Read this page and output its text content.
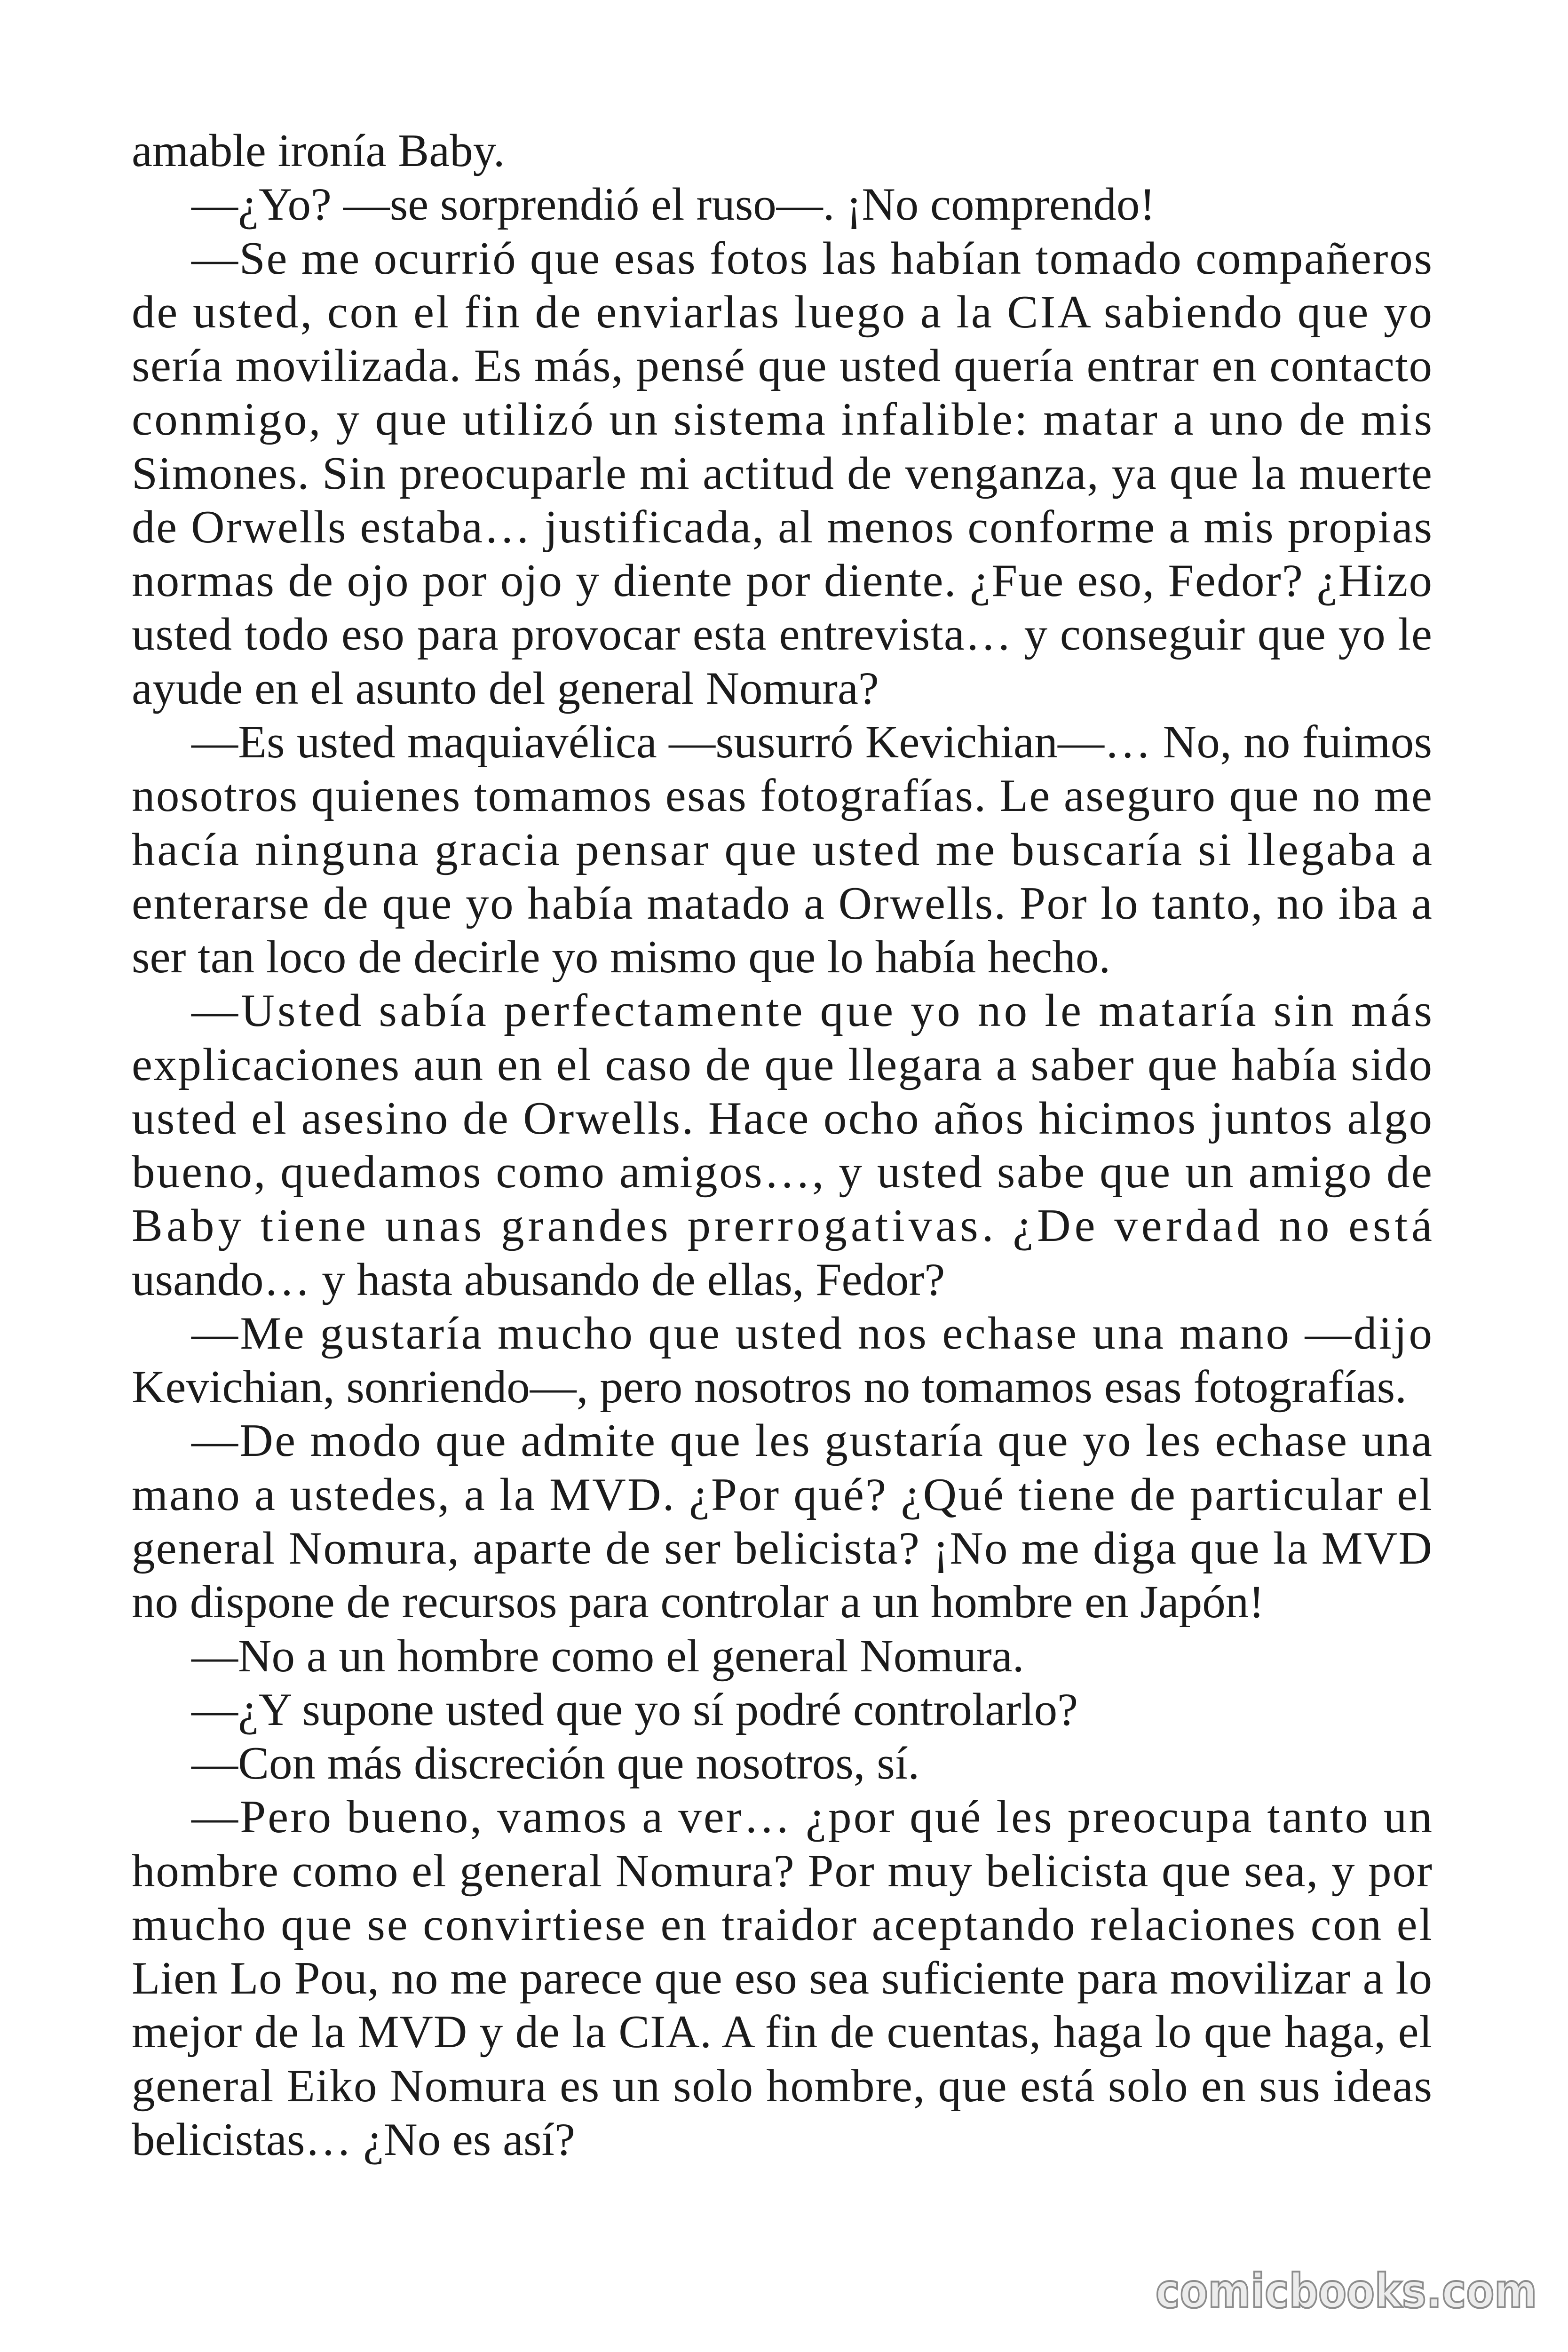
amable ironía Baby.
—¿Yo? —se sorprendió el ruso—. ¡No comprendo!
—Se me ocurrió que esas fotos las habían tomado compañeros
de usted, con el fin de enviarlas luego a la CIA sabiendo que yo
sería movilizada. Es más, pensé que usted quería entrar en contacto
conmigo, y que utilizó un sistema infalible: matar a uno de mis
Simones. Sin preocuparle mi actitud de venganza, ya que la muerte
de Orwells estaba… justificada, al menos conforme a mis propias
normas de ojo por ojo y diente por diente. ¿Fue eso, Fedor? ¿Hizo
usted todo eso para provocar esta entrevista… y conseguir que yo le
ayude en el asunto del general Nomura?
—Es usted maquiavélica —susurró Kevichian—… No, no fuimos
nosotros quienes tomamos esas fotografías. Le aseguro que no me
hacía ninguna gracia pensar que usted me buscaría si llegaba a
enterarse de que yo había matado a Orwells. Por lo tanto, no iba a
ser tan loco de decirle yo mismo que lo había hecho.
—Usted sabía perfectamente que yo no le mataría sin más
explicaciones aun en el caso de que llegara a saber que había sido
usted el asesino de Orwells. Hace ocho años hicimos juntos algo
bueno, quedamos como amigos…, y usted sabe que un amigo de
Baby tiene unas grandes prerrogativas. ¿De verdad no está
usando… y hasta abusando de ellas, Fedor?
—Me gustaría mucho que usted nos echase una mano —dijo
Kevichian, sonriendo—, pero nosotros no tomamos esas fotografías.
—De modo que admite que les gustaría que yo les echase una
mano a ustedes, a la MVD. ¿Por qué? ¿Qué tiene de particular el
general Nomura, aparte de ser belicista? ¡No me diga que la MVD
no dispone de recursos para controlar a un hombre en Japón!
—No a un hombre como el general Nomura.
—¿Y supone usted que yo sí podré controlarlo?
—Con más discreción que nosotros, sí.
—Pero bueno, vamos a ver… ¿por qué les preocupa tanto un
hombre como el general Nomura? Por muy belicista que sea, y por
mucho que se convirtiese en traidor aceptando relaciones con el
Lien Lo Pou, no me parece que eso sea suficiente para movilizar a lo
mejor de la MVD y de la CIA. A fin de cuentas, haga lo que haga, el
general Eiko Nomura es un solo hombre, que está solo en sus ideas
belicistas… ¿No es así?
comicbooks.com
